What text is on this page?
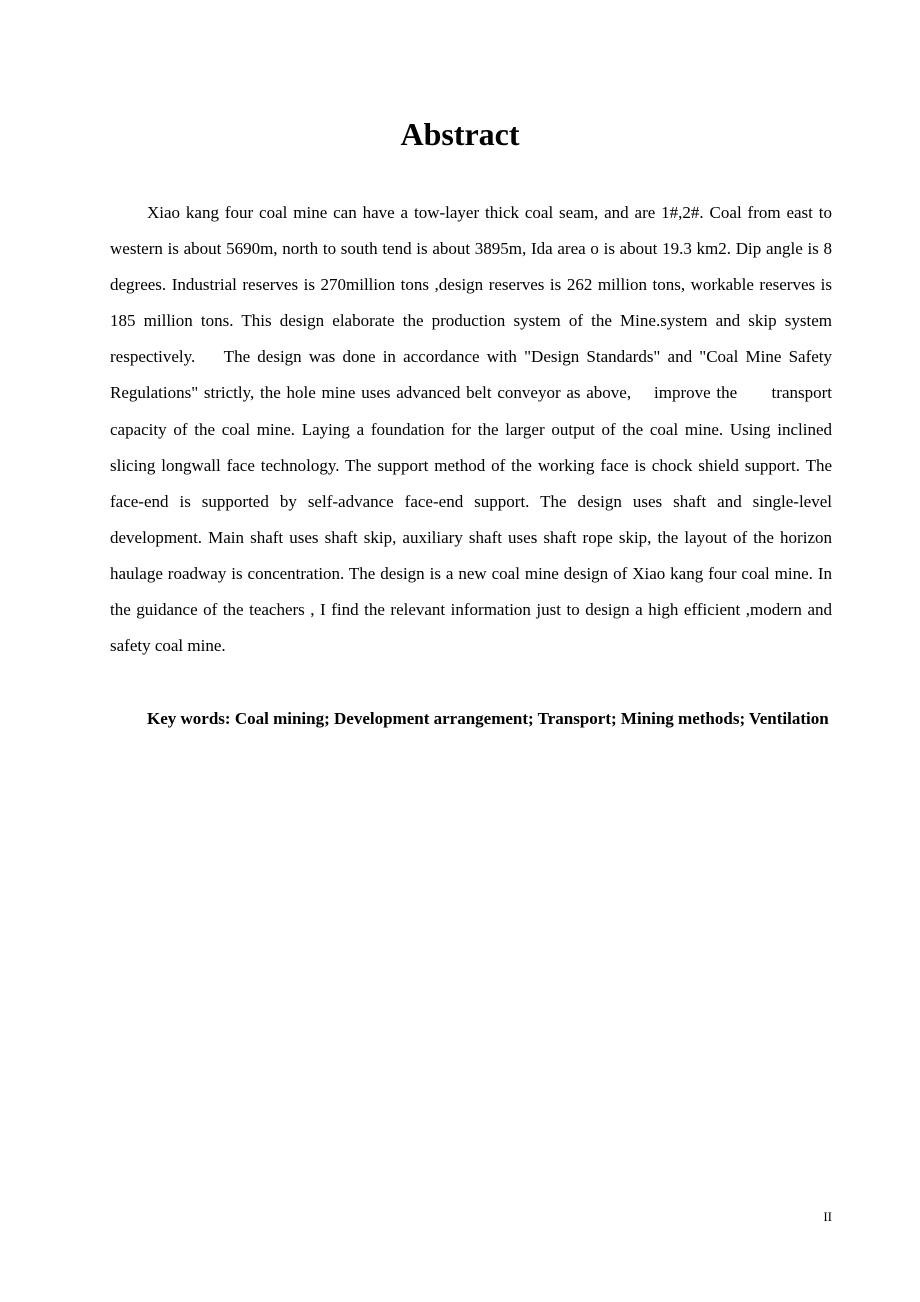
Abstract

Xiao kang four coal mine can have a tow-layer thick coal seam, and are 1#,2#. Coal from east to western is about 5690m, north to south tend is about 3895m, Ida area o is about 19.3 km2. Dip angle is 8 degrees. Industrial reserves is 270million tons ,design reserves is 262 million tons, workable reserves is 185 million tons. This design elaborate the production system of the Mine.system and skip system respectively.    The design was done in accordance with "Design Standards" and "Coal Mine Safety Regulations" strictly, the hole mine uses advanced belt conveyor as above,    improve the      transport capacity of the coal mine. Laying a foundation for the larger output of the coal mine. Using inclined slicing longwall face technology. The support method of the working face is chock shield support. The face-end is supported by self-advance face-end support. The design uses shaft and single-level development. Main shaft uses shaft skip, auxiliary shaft uses shaft rope skip, the layout of the horizon haulage roadway is concentration. The design is a new coal mine design of Xiao kang four coal mine. In the guidance of the teachers , I find the relevant information just to design a high efficient ,modern and safety coal mine.

Key words: Coal mining; Development arrangement; Transport; Mining methods; Ventilation

II
